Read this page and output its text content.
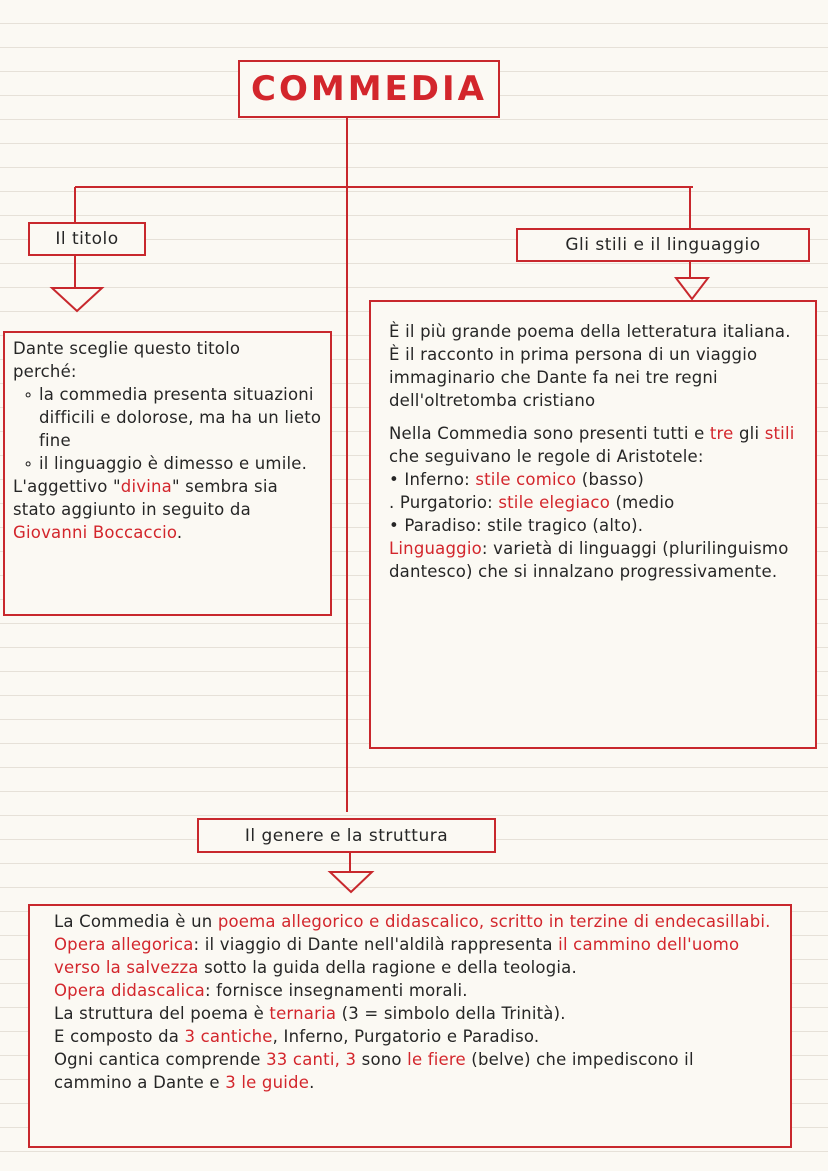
COMMEDIA
Il titolo	Gli stili e il linguaggio

Dante sceglie questo titolo

perché:

∘ la commedia presenta situazioni difficili e dolorose, ma ha un lieto fine
∘ il linguaggio è dimesso e umile.

L'aggettivo "divina" sembra sia stato aggiunto in seguito da Giovanni Boccaccio.

È il più grande poema della letteratura italiana.

È il racconto in prima persona di un viaggio immaginario che Dante fa nei tre regni dell'oltretomba cristiano

Nella Commedia sono presenti tutti e tre gli stili che seguivano le regole di Aristotele:

• Inferno: stile comico (basso)

. Purgatorio: stile elegiaco (medio

• Paradiso: stile tragico (alto).

Linguaggio: varietà di linguaggi (plurilinguismo dantesco) che si innalzano progressivamente.

Il genere e la struttura

La Commedia è un poema allegorico e didascalico, scritto in terzine di endecasillabi.

Opera allegorica: il viaggio di Dante nell'aldilà rappresenta il cammino dell'uomo verso la salvezza sotto la guida della ragione e della teologia.

Opera didascalica: fornisce insegnamenti morali.

La struttura del poema è ternaria (3 = simbolo della Trinità).

E composto da 3 cantiche, Inferno, Purgatorio e Paradiso.

Ogni cantica comprende 33 canti, 3 sono le fiere (belve) che impediscono il cammino a Dante e 3 le guide.
